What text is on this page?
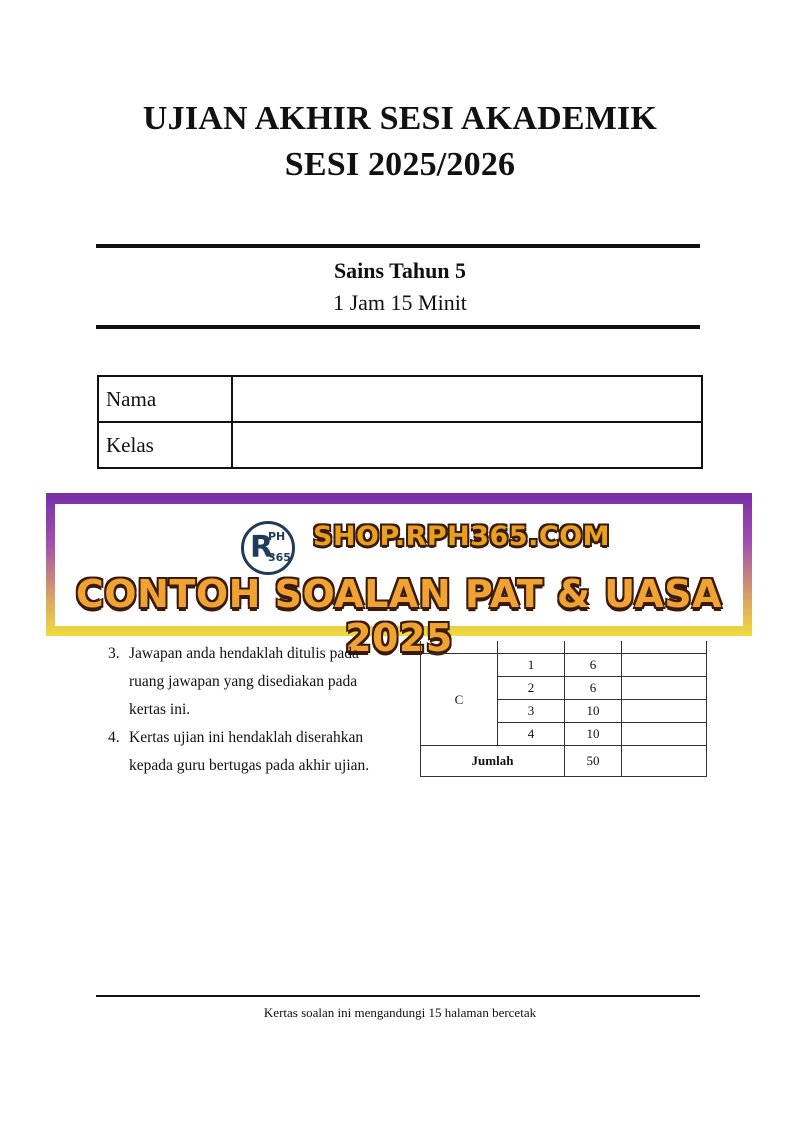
UJIAN AKHIR SESI AKADEMIK
SESI 2025/2026
Sains Tahun 5
1 Jam 15 Minit
Nama	
Kelas	
R
PH
365
SHOP.RPH365.COM
CONTOH SOALAN PAT & UASA 2025
3. Jawapan anda hendaklah ditulis pada
ruang jawapan yang disediakan pada
kertas ini.
4. Kertas ujian ini hendaklah diserahkan
kepada guru bertugas pada akhir ujian.

C	1	6	
	2	6	
	3	10	
	4	10	
Jumlah		50	
Kertas soalan ini mengandungi 15 halaman bercetak
